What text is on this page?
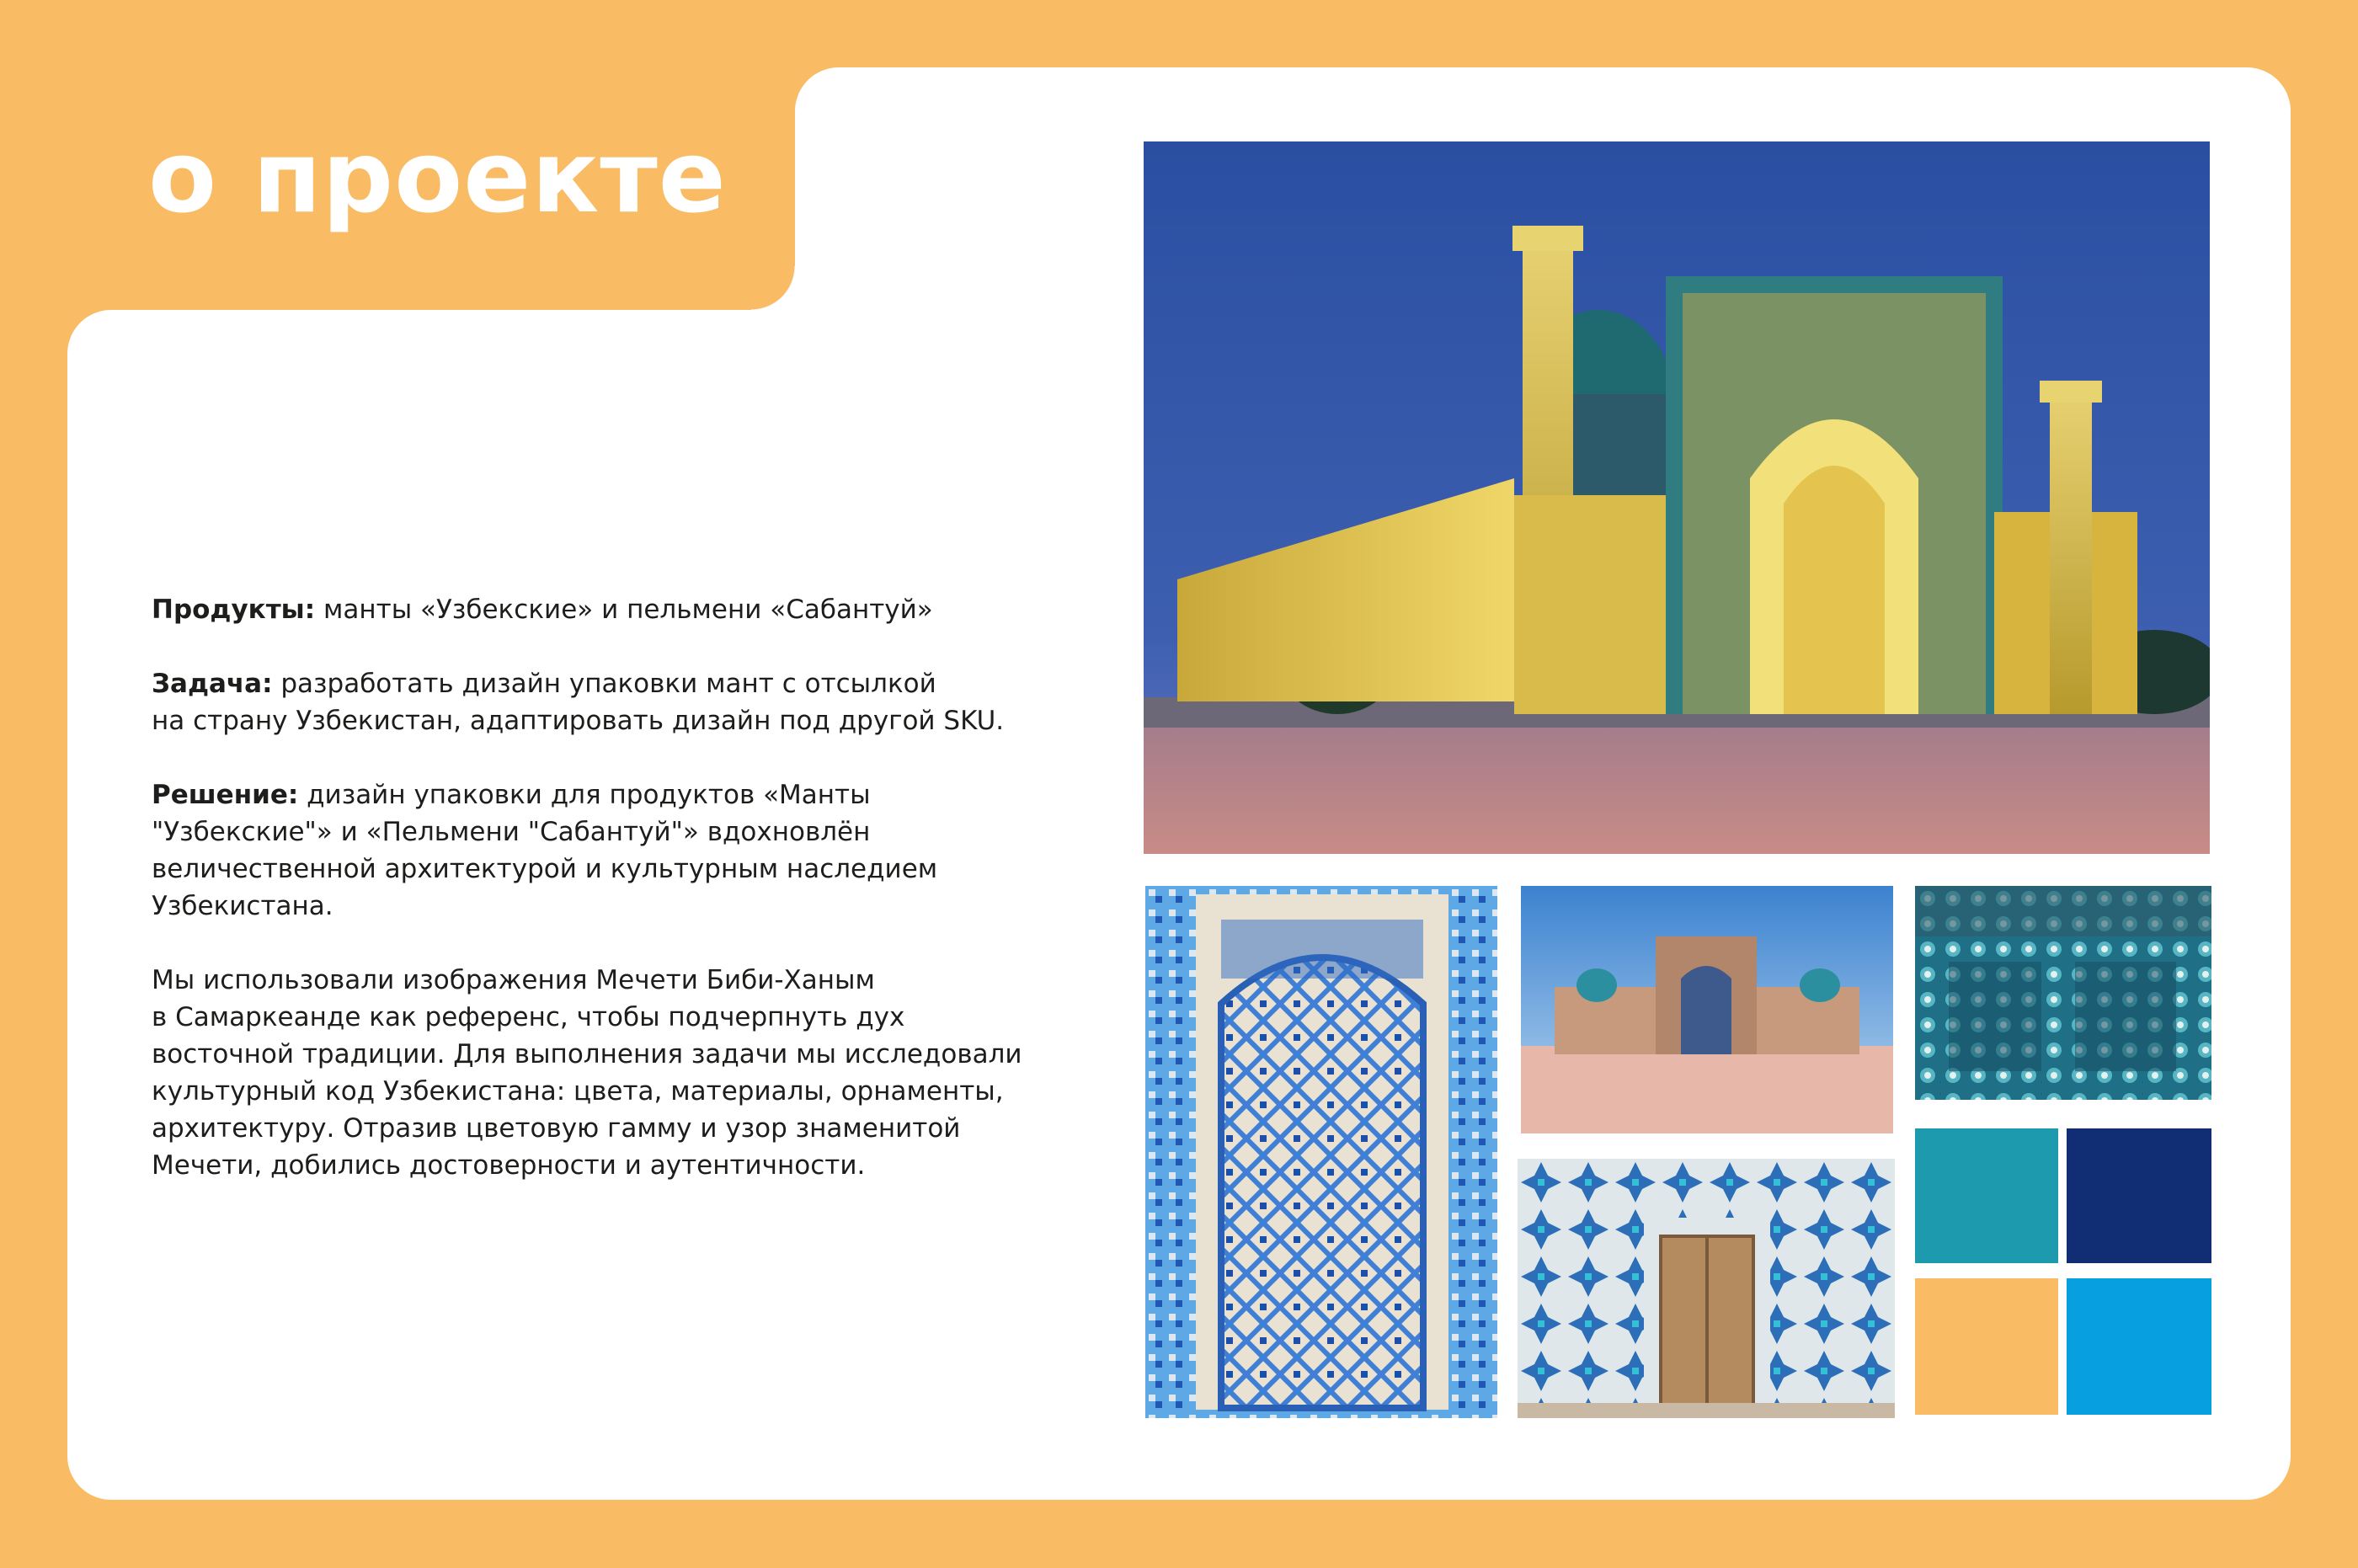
о проекте

Продукты: манты «Узбекские» и пельмени «Сабантуй»

Задача: разработать дизайн упаковки мант с отсылкой
на страну Узбекистан, адаптировать дизайн под другой SKU.

Решение: дизайн упаковки для продуктов «Манты
"Узбекские"» и «Пельмени "Сабантуй"» вдохновлён
величественной архитектурой и культурным наследием
Узбекистана.

Мы использовали изображения Мечети Биби-Ханым
в Самаркеанде как референс, чтобы подчерпнуть дух
восточной традиции. Для выполнения задачи мы исследовали
культурный код Узбекистана: цвета, материалы, орнаменты,
архитектуру. Отразив цветовую гамму и узор знаменитой
Мечети, добились достоверности и аутентичности.
